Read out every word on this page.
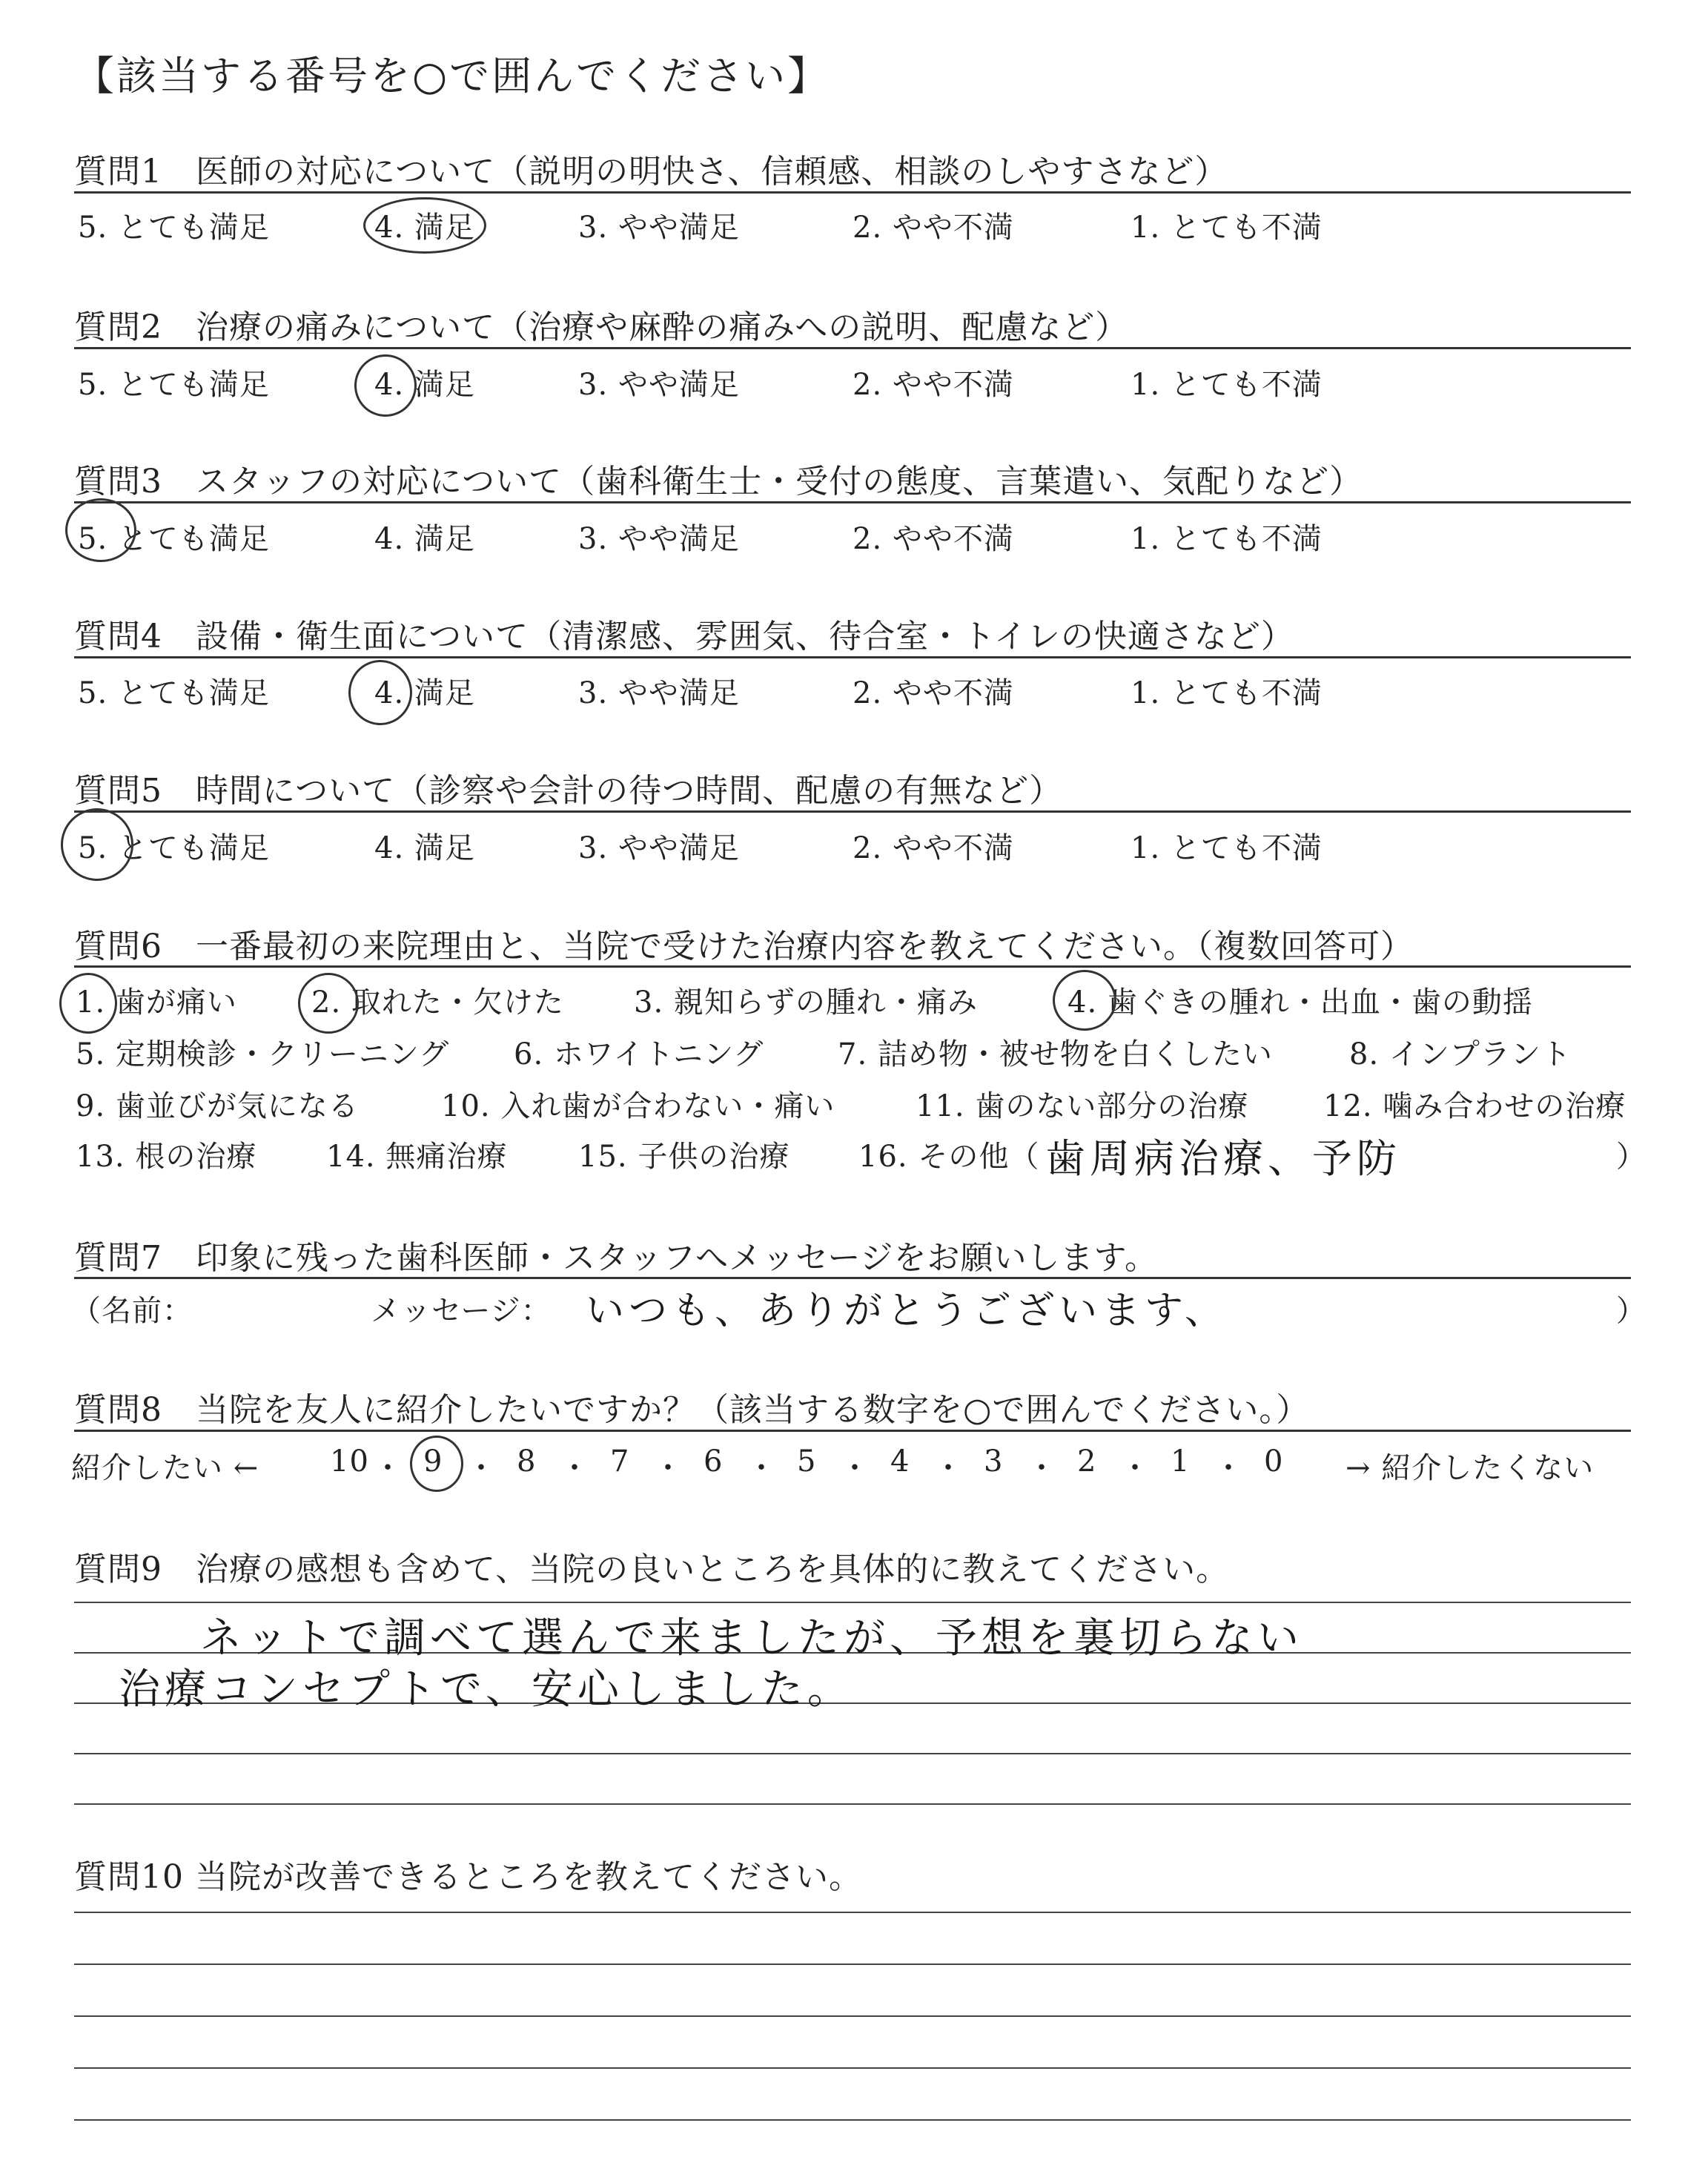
【該当する番号を○で囲んでください】
質問1　医師の対応について（説明の明快さ、信頼感、相談のしやすさなど）
5. とても満足	4. 満足	3. やや満足	2. やや不満	1. とても不満
質問2　治療の痛みについて（治療や麻酔の痛みへの説明、配慮など）
5. とても満足	4. 満足	3. やや満足	2. やや不満	1. とても不満
質問3　スタッフの対応について（歯科衛生士・受付の態度、言葉遣い、気配りなど）
5. とても満足	4. 満足	3. やや満足	2. やや不満	1. とても不満
質問4　設備・衛生面について（清潔感、雰囲気、待合室・トイレの快適さなど）
5. とても満足	4. 満足	3. やや満足	2. やや不満	1. とても不満
質問5　時間について（診察や会計の待つ時間、配慮の有無など）
5. とても満足	4. 満足	3. やや満足	2. やや不満	1. とても不満
質問6　一番最初の来院理由と、当院で受けた治療内容を教えてください。（複数回答可）
1. 歯が痛い	2. 取れた・欠けた 3. 親知らずの腫れ・痛み	4. 歯ぐきの腫れ・出血・歯の動揺
5. 定期検診・クリーニング 6. ホワイトニング 7. 詰め物・被せ物を白くしたい	8. インプラント
9. 歯並びが気になる	10. 入れ歯が合わない・痛い	11. 歯のない部分の治療	12. 噛み合わせの治療
13. 根の治療 14. 無痛治療 15. 子供の治療 16. その他（ 歯周病治療、予防	）
質問7　印象に残った歯科医師・スタッフへメッセージをお願いします。
（名前：	メッセージ： いつも、ありがとうございます、	）
質問8　当院を友人に紹介したいですか？（該当する数字を○で囲んでください。）
紹介したい ←	→ 紹介したくない
10 ・ 9 ・ 8 ・ 7 ・ 6 ・ 5 ・ 4 ・ 3 ・ 2 ・ 1 ・ 0
質問9　治療の感想も含めて、当院の良いところを具体的に教えてください。
ネットで調べて選んで来ましたが、予想を裏切らない
治療コンセプトで、安心しました。
質問10 当院が改善できるところを教えてください。
